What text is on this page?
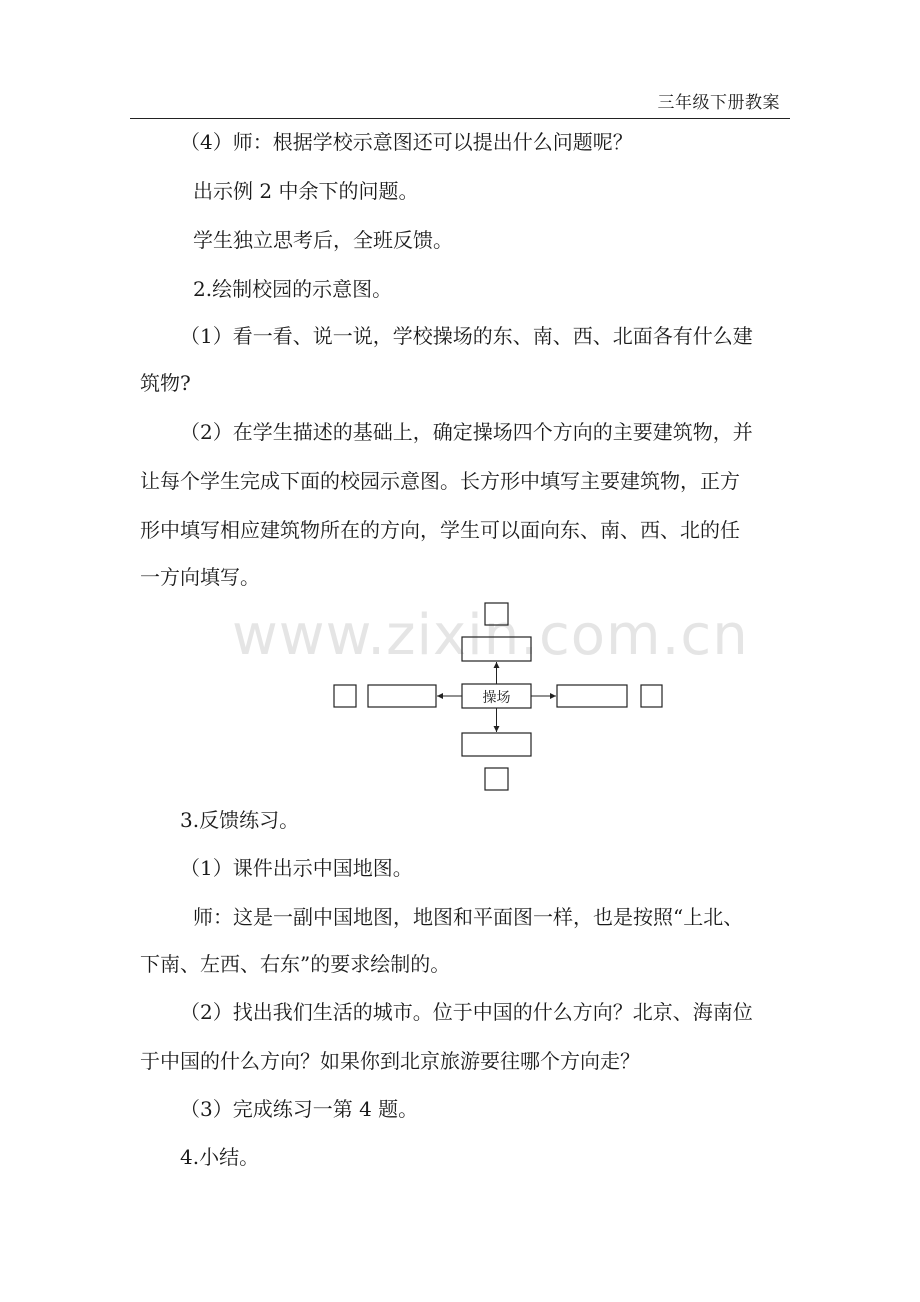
三年级下册教案
www.zixin.com.cn
（4）师：根据学校示意图还可以提出什么问题呢？
出示例 2 中余下的问题。
学生独立思考后，全班反馈。
2.绘制校园的示意图。
（1）看一看、说一说，学校操场的东、南、西、北面各有什么建
筑物?
（2）在学生描述的基础上，确定操场四个方向的主要建筑物，并
让每个学生完成下面的校园示意图。长方形中填写主要建筑物，正方
形中填写相应建筑物所在的方向，学生可以面向东、南、西、北的任
一方向填写。
操场
3.反馈练习。
（1）课件出示中国地图。
师：这是一副中国地图，地图和平面图一样，也是按照“上北、
下南、左西、右东”的要求绘制的。
（2）找出我们生活的城市。位于中国的什么方向？北京、海南位
于中国的什么方向？如果你到北京旅游要往哪个方向走？
（3）完成练习一第 4 题。
4.小结。
